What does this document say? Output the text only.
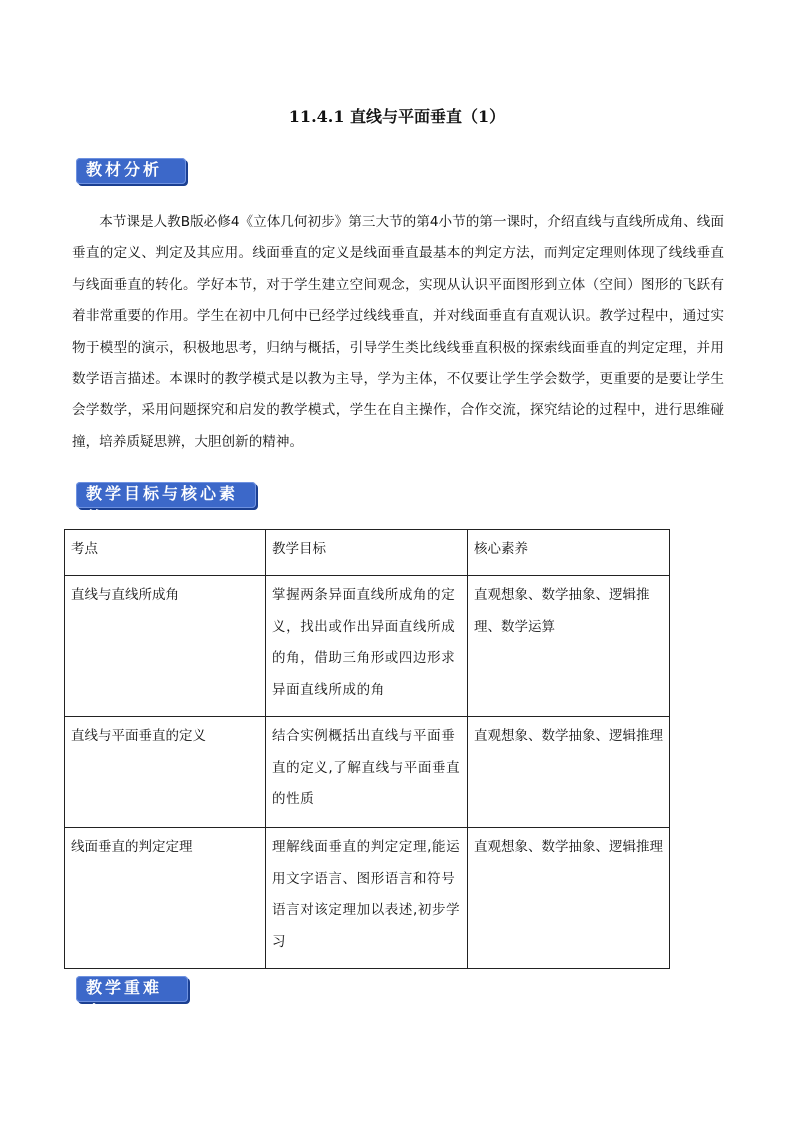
11.4.1 直线与平面垂直（1）
教材分析
本节课是人教B版必修4《立体几何初步》第三大节的第4小节的第一课时，介绍直线与直线所成角、线面垂直的定义、判定及其应用。线面垂直的定义是线面垂直最基本的判定方法，而判定定理则体现了线线垂直与线面垂直的转化。学好本节，对于学生建立空间观念，实现从认识平面图形到立体（空间）图形的飞跃有着非常重要的作用。学生在初中几何中已经学过线线垂直，并对线面垂直有直观认识。教学过程中，通过实物于模型的演示，积极地思考，归纳与概括，引导学生类比线线垂直积极的探索线面垂直的判定定理，并用数学语言描述。本课时的教学模式是以教为主导，学为主体，不仅要让学生学会数学，更重要的是要让学生会学数学，采用问题探究和启发的教学模式，学生在自主操作，合作交流，探究结论的过程中，进行思维碰撞，培养质疑思辨，大胆创新的精神。
教学目标与核心素养
考点	教学目标	核心素养
直线与直线所成角	掌握两条异面直线所成角的定义，找出或作出异面直线所成的角，借助三角形或四边形求异面直线所成的角	直观想象、数学抽象、逻辑推理、数学运算
直线与平面垂直的定义	结合实例概括出直线与平面垂直的定义,了解直线与平面垂直的性质	直观想象、数学抽象、逻辑推理
线面垂直的判定定理	理解线面垂直的判定定理,能运用文字语言、图形语言和符号语言对该定理加以表述,初步学习	直观想象、数学抽象、逻辑推理
教学重难点
